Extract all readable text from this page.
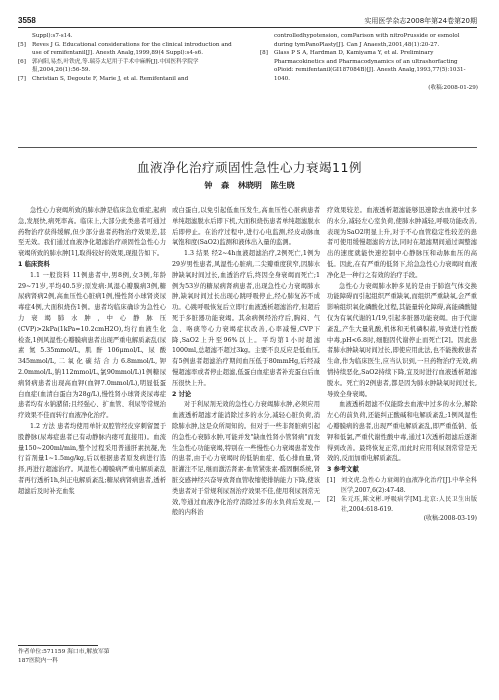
3558	实用医学杂志2008年第24卷第20期
Suppl):s7-s14.
[5] Reves J G. Educational considerations for the clinical introduction and use of remifentanil[J]. Anesth Analg,1999,89(4 Suppl):s4-s6.
[6] 郭向阳,易杰,叶铁虎,等.瑞芬太尼用于手术中麻醉[J].中国医科学院学报,2004,26(1):56-59.
[7] Christian S, Degoute F, Marie J, et al. Remifentanil and
controlledhypotension, comParison with nitroPrusside or esmolol during tymPanoPlasty[J]. Can J Anaesth,2001,48(1):20-27.
[8] Glass P S A, Hardman D, Kamiyama Y, et al. Preliminary Pharmacokinetics and Pharmacodynamics of an ultrashorfacting oPioid: remifentanil(GI187084B)[J]. Anesth Analg,1993,77(5):1031-1040.
(收稿:2008-01-29)
血液净化治疗顽固性急性心力衰竭11例
钟 森 林晓明 陈生晓

急性心力衰竭所致的肺水肿是临床急危重症,起病急,发展快,病死率高。临床上,大部分此类患者可通过药物治疗获得缓解,但少部分患者药物治疗效果差,甚至无效。我们通过血液净化超滤治疗顽固性急性心力衰竭所致的肺水肿[1],取得较好的效果,现报告如下。

1 临床资料

1.1 一般资料 11例患者中,男8例,女3例,年龄29~71岁,平均40.5岁;原发病:风湿心瓣膜病3例,糖尿病肾病2例,高血压性心脏病1例,慢性肾小球肾炎尿毒症4例,大面积烧伤1例。患者均临床确诊为急性心力衰竭肺水肿,中心静脉压(CVP)>2kPa(1kPa=10.2cmH2O),均行血液生化检查,1例风湿性心瓣膜病患者出现严重电解质紊乱(尿素氮5.35mmol/L,肌酐106μmol/L,尿酸345mmol/L,二氧化碳结合力6.8mmol/L,钾2.0mmol/L,钠112mmol/L,氯90mmol/L)1例糖尿病肾病患者出现高血钾(血钾7.0mmol/L),明显低蛋白血症(血清白蛋白为28g/L),慢性肾小球肾炎尿毒症患者均有水钠潴留;且经强心、扩血管、利尿等常规治疗效果不佳而转行血液净化治疗。

1.2 方法 患者均使用单针双腔管经皮穿刺留置于股静脉(尿毒症患者已有动静脉内瘘可直接用)。血流量150~200ml/min,整个过程采用普通肝素抗凝,先行首剂量1~1.5mg/kg,后以根据患者原发病进行选择,再进行超滤治疗。风湿性心瓣膜病严重电解质紊乱者再行透析1h,纠正电解质紊乱;糖尿病肾病患者,透析超滤后及时补充血浆

或白蛋白,以免引起低血压发生,高血压性心脏病患者单纯超滤脱水后即下机,大面积烧伤患者单纯超滤脱水后即停止。在治疗过程中,进行心电监测,经皮动脉血氧饱和度(SaO2)监测和液体出入量的监测。

1.3 结果 经2~4h血液超滤治疗,2例死亡,1例为29岁男性患者,风湿性心脏病,二尖瓣重度狭窄,因肺水肿缺氧时间过长,血透治疗后,终因全身衰竭而死亡;1例为53岁的糖尿病肾病患者,出现急性心力衰竭肺水肿,缺氧时间过长出现心跳呼吸停止,经心肺复苏不成功。心跳呼吸恢复后立即行血液透析超滤治疗,但超后死于多脏器功能衰竭。其余病例经治疗后,胸闷、气急、咯痰等心力衰竭症状改善,心率减慢,CVP下降,SaO2上升至96%以上。平均第1小时超滤1000ml,总超滤不超过3kg。主要不良反应是低血压,有5例患者超滤治疗期间血压低于80mmHg,后经减慢超滤率或者停止超滤,低蛋白血症患者补充蛋白后血压很快上升。

2 讨论

对于利尿剂无效的急性心力衰竭肺水肿,必须应用血液透析超滤才能消除过多的水分,减轻心脏负荷,消除肺水肿,这是众所周知的。但对于一些非肾脏病引起的急性心衰肺水肿,可能并发"缺血性肾小管肾病"而发生急性心功能衰竭,特别在一些慢性心力衰竭患者发作的患者,由于心力衰竭时的低钠血症、低心排血量,肾脏灌注不足,继而激活肾素-血管紧张素-醛固酮系统,肾脏交感神经兴奋导致肾血管收缩使排钠能力下降,使该类患者对于常规利尿剂治疗效果不佳,使用利尿剂常无效,等通过血液净化治疗消除过多的水负荷后发现,一般的内科治

疗效果较差。血液透析超滤能够迅速除去血液中过多的水分,减轻左心室负荷,使肺水肿减轻,呼吸功能改善,表现为SaO2明显上升,对于不心血管稳定性较差的患者可使用缓慢超滤的方法,同时在超滤期间通过调整滤出的速度就能快速控制中心静脉压和动脉血压的高低。因此,在有严重的低肾下,给急急性心力衰竭时血液净化是一种行之有效的治疗手段。

急性心力衰竭肺水肿多见的是由于肺泡气体交换功能障碍而引起组织严重缺氧,而组织严重缺氧,会严重影响组织氧化磷酸化过程,其能量转化障碍,高能磷酸键仅为有氧代谢的1/19,引起多脏器功能衰竭。由于代谢紊乱,产生大量乳酸,机体和无机磷积蓄,导致进行性酸中毒,pH<6.8时,细胞因代谢停止而死亡[2]。因此患者肺水肿缺氧时间过长,即使应用此法,也不能挽救患者生命,作为临床医生,应当认识到,一旦药物治疗无效,病情持续恶化,SaO2持续下降,宜及时进行血液透析超滤脱水。死亡的2例患者,都是因为肺水肿缺氧时间过长,导致全身衰竭。

血液透析超滤不仅能除去血液中过多的水分,解除左心的前负荷,还能纠正酸碱和电解质紊乱;1例风湿性心瓣膜病的患者,出现严重电解质紊乱,即严重低钠、低钾和低氯,严重代谢性酸中毒,通过1次透析超滤后逐渐得到改善。最终恢复正常,而此时应用利尿剂常常是无效的,反而加重电解质紊乱。

3 参考文献

[1] 刘文虎.急性心力衰竭的血液净化治疗[J].中华全科医学,2007,6(2):47-48.
[2] 朱元珏,陈文彬.呼吸病学[M].北京:人民卫生出版社,2004:618-619.

(收稿:2008-03-19)

作者单位:571159 海口市,解放军第
187医院内一科
